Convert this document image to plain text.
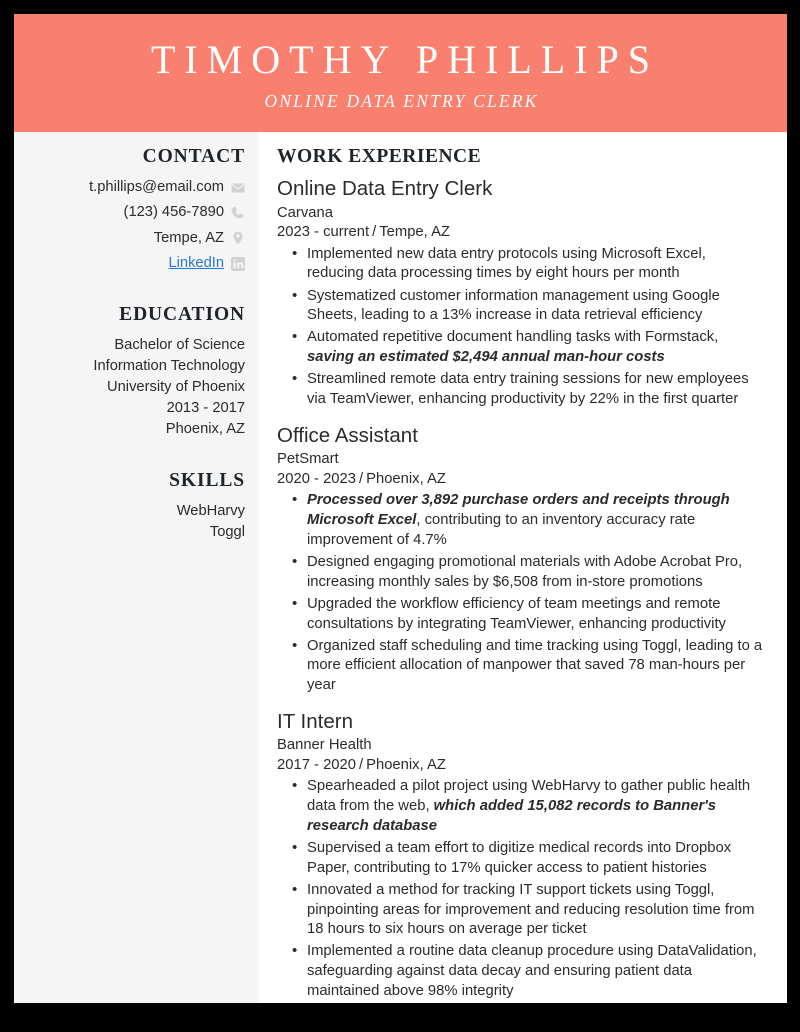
TIMOTHY PHILLIPS
ONLINE DATA ENTRY CLERK
CONTACT
t.phillips@email.com
(123) 456-7890
Tempe, AZ
LinkedIn
EDUCATION
Bachelor of Science
Information Technology
University of Phoenix
2013 - 2017
Phoenix, AZ
SKILLS
WebHarvy
Toggl
WORK EXPERIENCE
Online Data Entry Clerk
Carvana
2023 - current / Tempe, AZ
• Implemented new data entry protocols using Microsoft Excel, reducing data processing times by eight hours per month
• Systematized customer information management using Google Sheets, leading to a 13% increase in data retrieval efficiency
• Automated repetitive document handling tasks with Formstack, saving an estimated $2,494 annual man-hour costs
• Streamlined remote data entry training sessions for new employees via TeamViewer, enhancing productivity by 22% in the first quarter
Office Assistant
PetSmart
2020 - 2023 / Phoenix, AZ
• Processed over 3,892 purchase orders and receipts through Microsoft Excel, contributing to an inventory accuracy rate improvement of 4.7%
• Designed engaging promotional materials with Adobe Acrobat Pro, increasing monthly sales by $6,508 from in-store promotions
• Upgraded the workflow efficiency of team meetings and remote consultations by integrating TeamViewer, enhancing productivity
• Organized staff scheduling and time tracking using Toggl, leading to a more efficient allocation of manpower that saved 78 man-hours per year
IT Intern
Banner Health
2017 - 2020 / Phoenix, AZ
• Spearheaded a pilot project using WebHarvy to gather public health data from the web, which added 15,082 records to Banner's research database
• Supervised a team effort to digitize medical records into Dropbox Paper, contributing to 17% quicker access to patient histories
• Innovated a method for tracking IT support tickets using Toggl, pinpointing areas for improvement and reducing resolution time from 18 hours to six hours on average per ticket
• Implemented a routine data cleanup procedure using DataValidation, safeguarding against data decay and ensuring patient data maintained above 98% integrity
